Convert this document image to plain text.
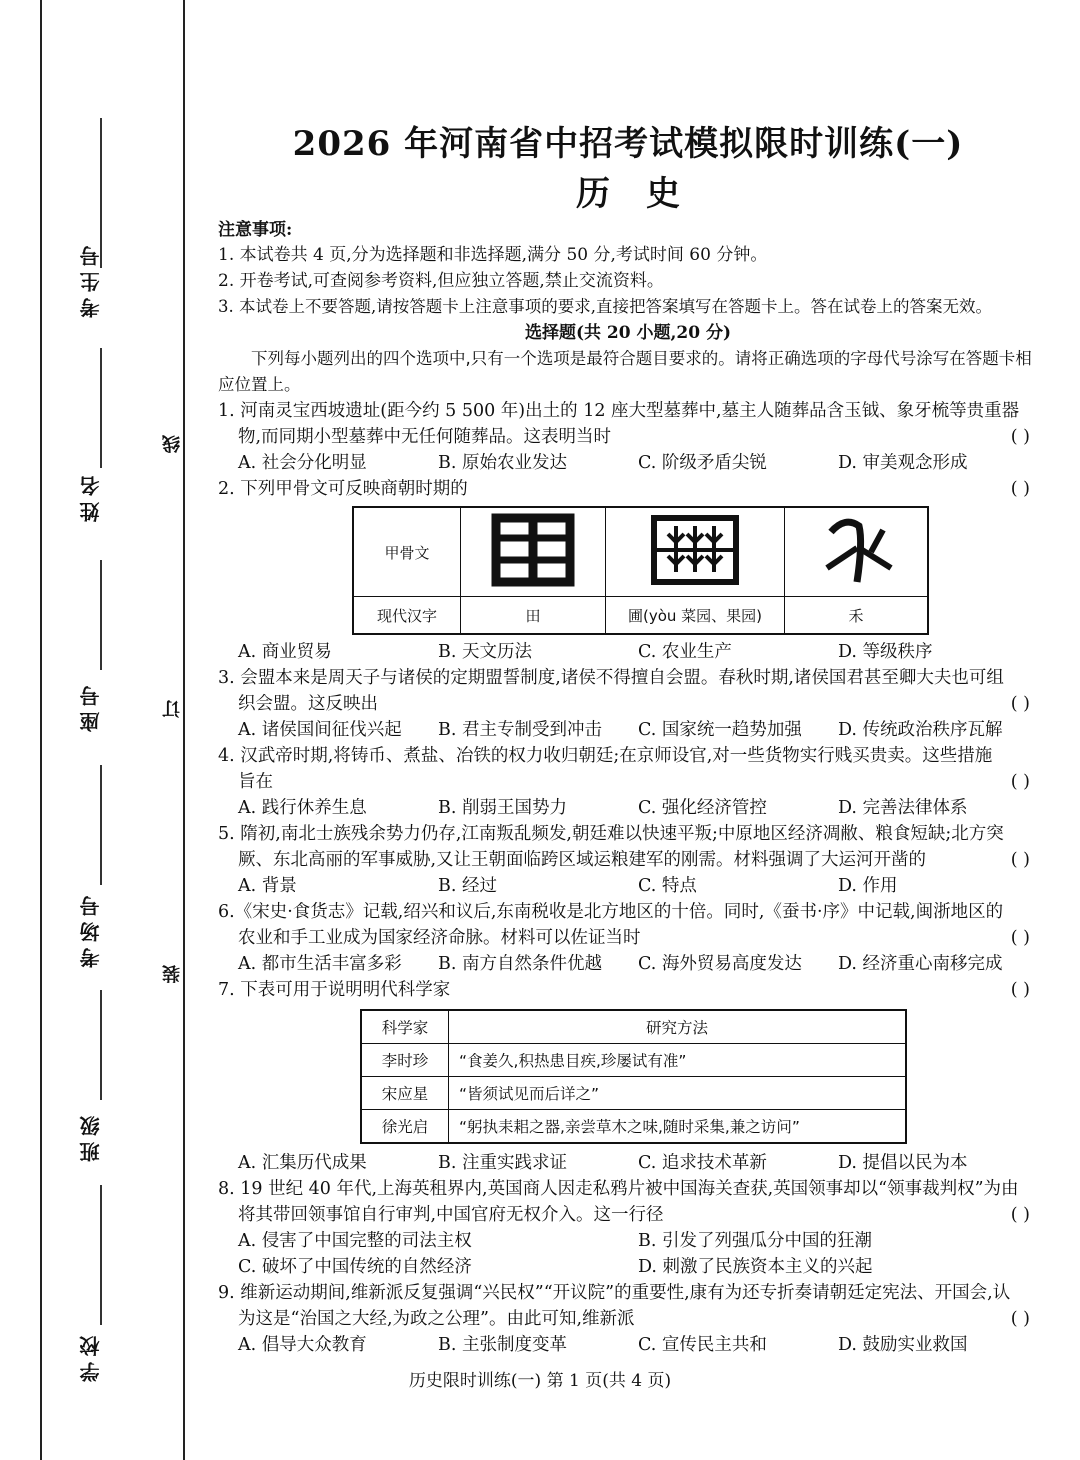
考生号
姓名
座号
考场号
班级
学校
线
订
装
2026 年河南省中招考试模拟限时训练(一)
历史
注意事项:
1. 本试卷共 4 页,分为选择题和非选择题,满分 50 分,考试时间 60 分钟。
2. 开卷考试,可查阅参考资料,但应独立答题,禁止交流资料。
3. 本试卷上不要答题,请按答题卡上注意事项的要求,直接把答案填写在答题卡上。答在试卷上的答案无效。
选择题(共 20 小题,20 分)
下列每小题列出的四个选项中,只有一个选项是最符合题目要求的。请将正确选项的字母代号涂写在答题卡相应位置上。
1. 河南灵宝西坡遗址(距今约 5 500 年)出土的 12 座大型墓葬中,墓主人随葬品含玉钺、象牙梳等贵重器
物,而同期小型墓葬中无任何随葬品。这表明当时	( )
A. 社会分化明显	B. 原始农业发达	C. 阶级矛盾尖锐	D. 审美观念形成
2. 下列甲骨文可反映商朝时期的	( )
甲骨文			
现代汉字	田	圃(yòu 菜园、果园)	禾
A. 商业贸易	B. 天文历法	C. 农业生产	D. 等级秩序
3. 会盟本来是周天子与诸侯的定期盟誓制度,诸侯不得擅自会盟。春秋时期,诸侯国君甚至卿大夫也可组
织会盟。这反映出	( )
A. 诸侯国间征伐兴起	B. 君主专制受到冲击	C. 国家统一趋势加强	D. 传统政治秩序瓦解
4. 汉武帝时期,将铸币、煮盐、冶铁的权力收归朝廷;在京师设官,对一些货物实行贱买贵卖。这些措施
旨在	( )
A. 践行休养生息	B. 削弱王国势力	C. 强化经济管控	D. 完善法律体系
5. 隋初,南北士族残余势力仍存,江南叛乱频发,朝廷难以快速平叛;中原地区经济凋敝、粮食短缺;北方突
厥、东北高丽的军事威胁,又让王朝面临跨区域运粮建军的刚需。材料强调了大运河开凿的	( )
A. 背景	B. 经过	C. 特点	D. 作用
6.《宋史·食货志》记载,绍兴和议后,东南税收是北方地区的十倍。同时,《蚕书·序》中记载,闽浙地区的
农业和手工业成为国家经济命脉。材料可以佐证当时	( )
A. 都市生活丰富多彩	B. 南方自然条件优越	C. 海外贸易高度发达	D. 经济重心南移完成
7. 下表可用于说明明代科学家	( )
科学家	研究方法
李时珍	“食姜久,积热患目疾,珍屡试有准”
宋应星	“皆须试见而后详之”
徐光启	“躬执耒耜之器,亲尝草木之味,随时采集,兼之访问”
A. 汇集历代成果	B. 注重实践求证	C. 追求技术革新	D. 提倡以民为本
8. 19 世纪 40 年代,上海英租界内,英国商人因走私鸦片被中国海关查获,英国领事却以“领事裁判权”为由
将其带回领事馆自行审判,中国官府无权介入。这一行径	( )
A. 侵害了中国完整的司法主权	B. 引发了列强瓜分中国的狂潮
C. 破坏了中国传统的自然经济	D. 刺激了民族资本主义的兴起
9. 维新运动期间,维新派反复强调“兴民权”“开议院”的重要性,康有为还专折奏请朝廷定宪法、开国会,认
为这是“治国之大经,为政之公理”。由此可知,维新派	( )
A. 倡导大众教育	B. 主张制度变革	C. 宣传民主共和	D. 鼓励实业救国
历史限时训练(一) 第 1 页(共 4 页)
